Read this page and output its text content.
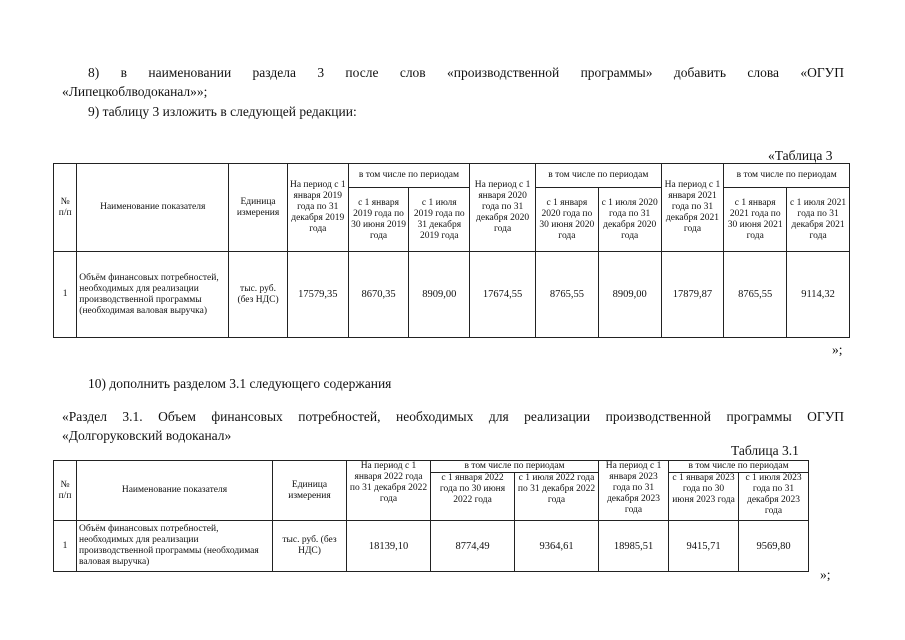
8) в наименовании раздела 3 после слов «производственной программы» добавить слова «ОГУП
«Липецкоблводоканал»»;
9) таблицу 3 изложить в следующей редакции:
«Таблица 3
№ п/п	Наименование показателя	Единица измерения	На период с 1 января 2019 года по 31 декабря 2019 года	в том числе по периодам		На период с 1 января 2020 года по 31 декабря 2020 года	в том числе по периодам		На период с 1 января 2021 года по 31 декабря 2021 года	в том числе по периодам	
				с 1 января 2019 года по 30 июня 2019 года	с 1 июля 2019 года по 31 декабря 2019 года		с 1 января 2020 года по 30 июня 2020 года	с 1 июля 2020 года по 31 декабря 2020 года		с 1 января 2021 года по 30 июня 2021 года	с 1 июля 2021 года по 31 декабря 2021 года
1	Объём финансовых потребностей, необходимых для реализации производственной программы (необходимая валовая выручка)	тыс. руб. (без НДС)	17579,35	8670,35	8909,00	17674,55	8765,55	8909,00	17879,87	8765,55	9114,32
»;
10) дополнить разделом 3.1 следующего содержания
«Раздел 3.1. Объем финансовых потребностей, необходимых для реализации производственной программы ОГУП
«Долгоруковский водоканал»
Таблица 3.1
№ п/п	Наименование показателя	Единица измерения	На период с 1 января 2022 года по 31 декабря 2022 года	в том числе по периодам		На период с 1 января 2023 года по 31 декабря 2023 года	в том числе по периодам	
				с 1 января 2022 года по 30 июня 2022 года	с 1 июля 2022 года по 31 декабря 2022 года		с 1 января 2023 года по 30 июня 2023 года	с 1 июля 2023 года по 31 декабря 2023 года
1	Объём финансовых потребностей, необходимых для реализации производственной программы (необходимая валовая выручка)	тыс. руб. (без НДС)	18139,10	8774,49	9364,61	18985,51	9415,71	9569,80
»;
